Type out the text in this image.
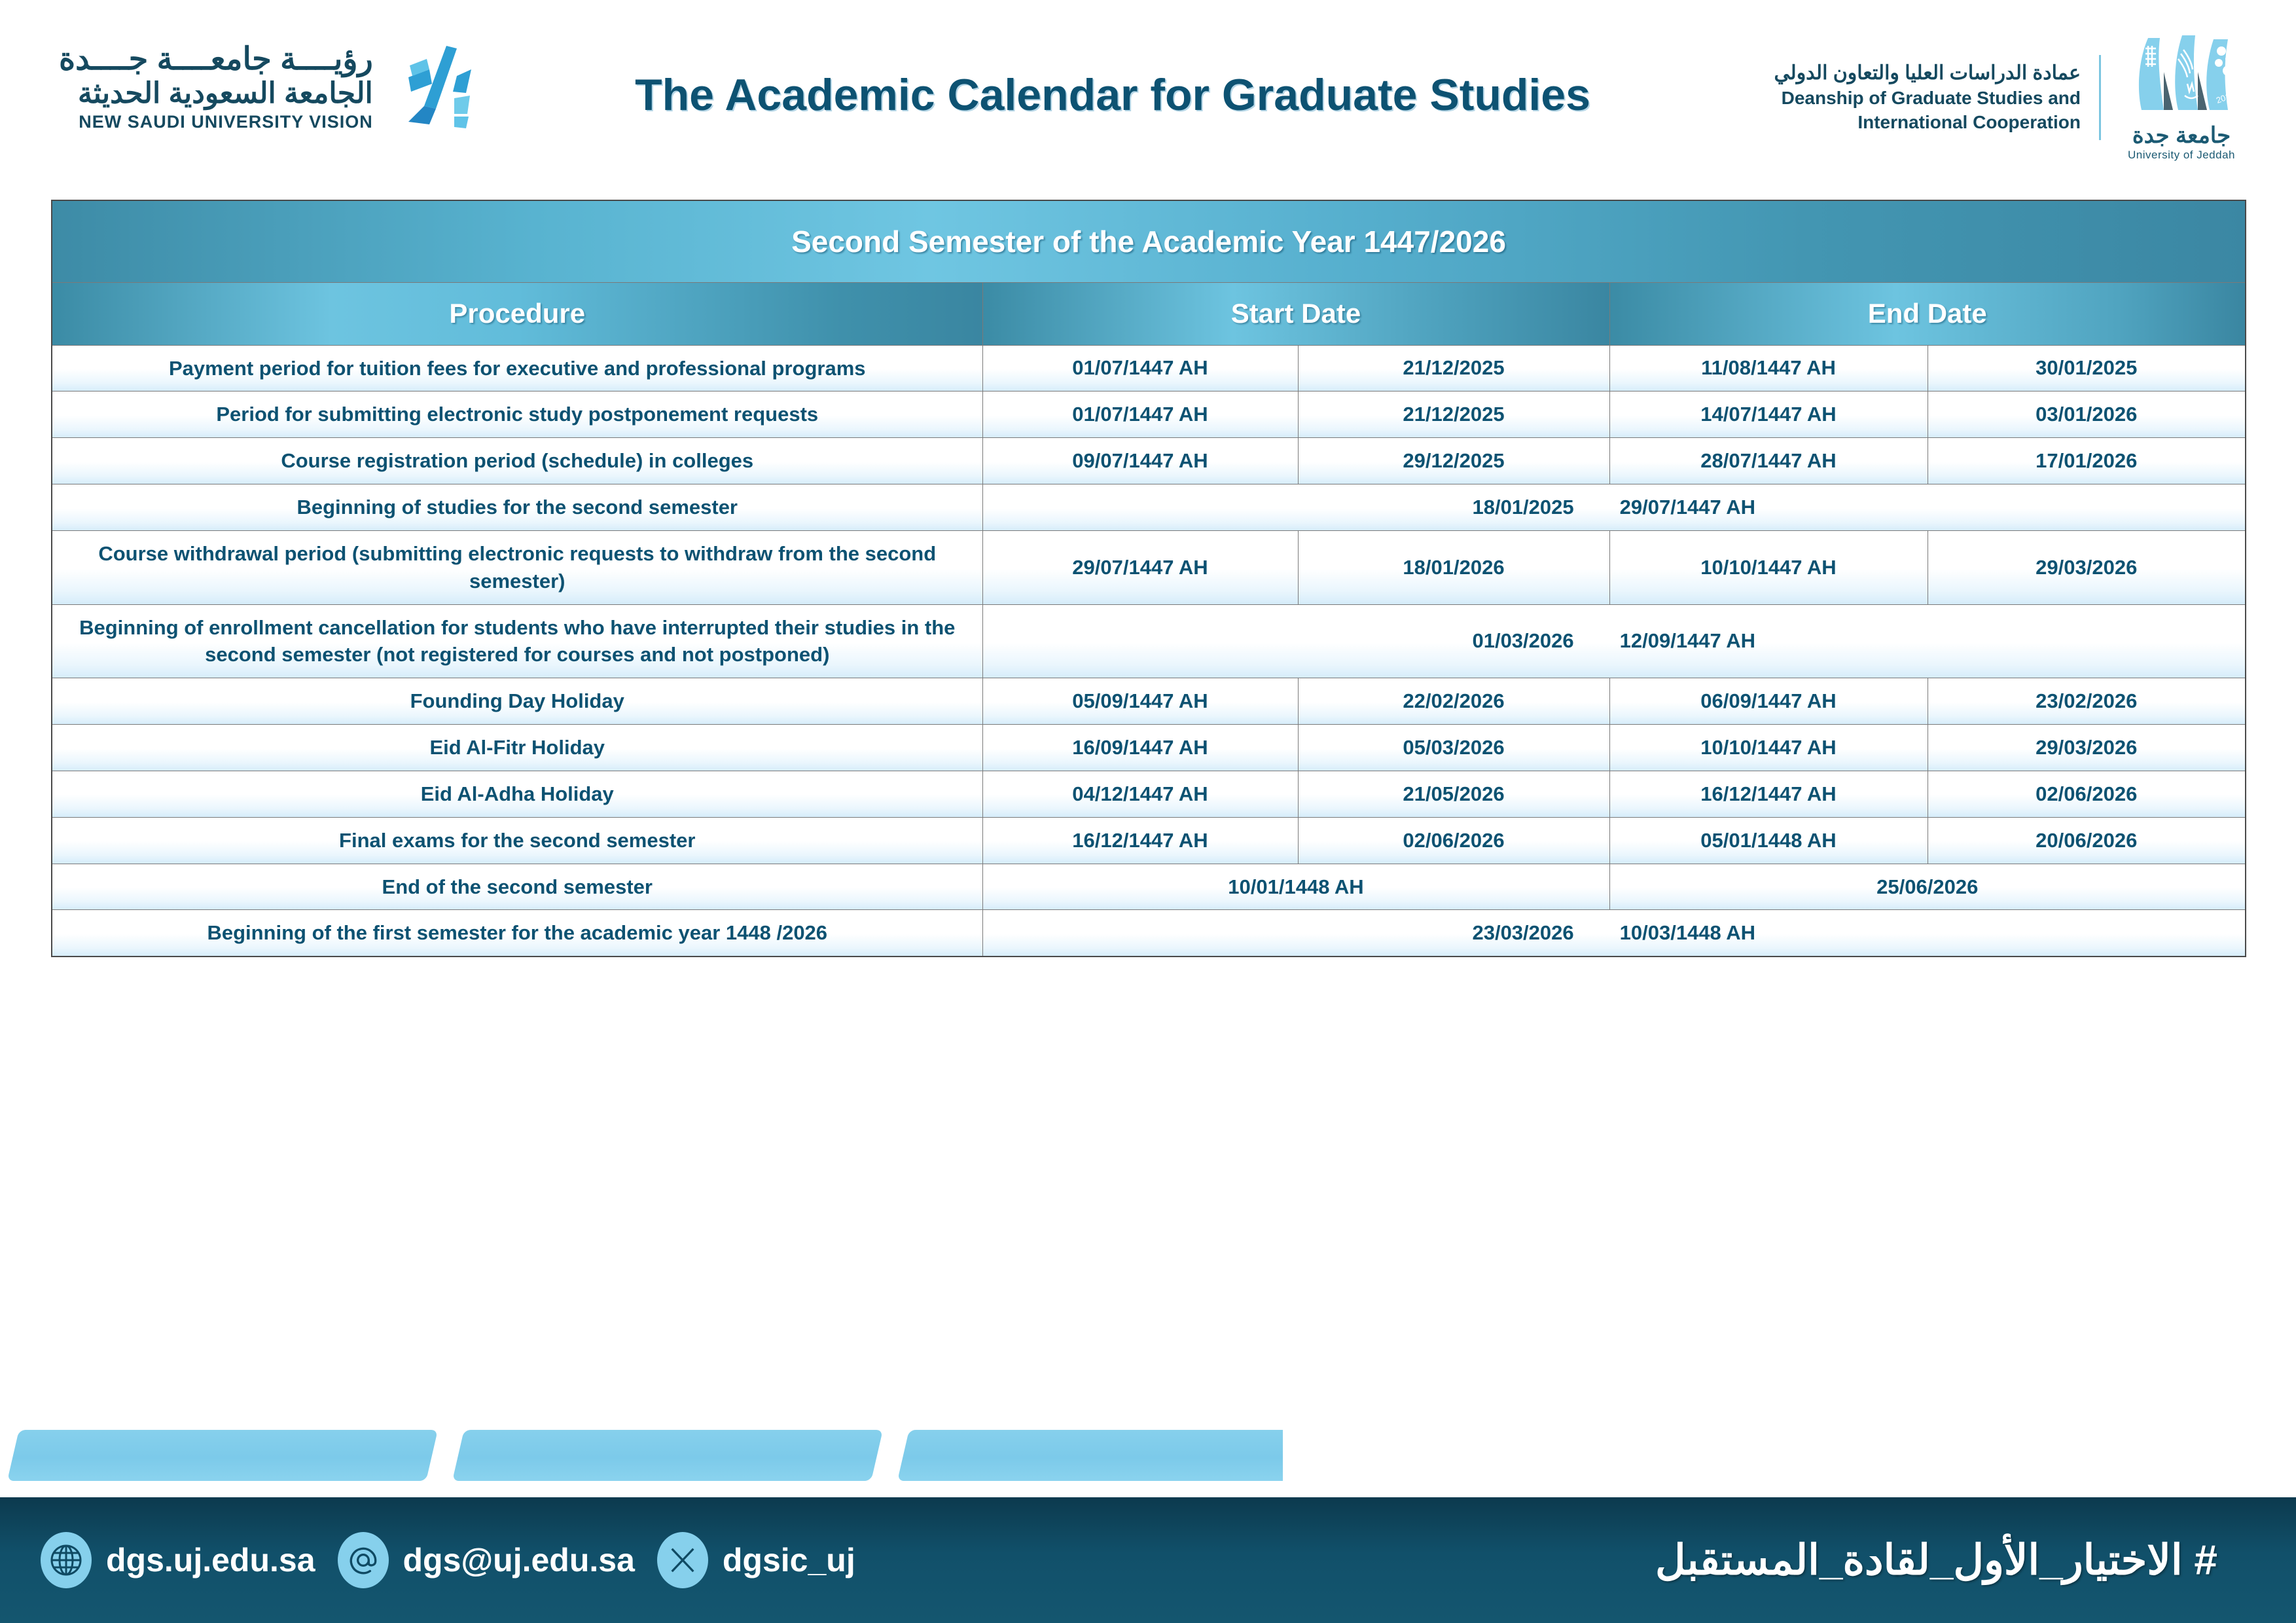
رؤيــــة جامعــــة جــــدة
الجامعة السعودية الحديثة
NEW SAUDI UNIVERSITY VISION
The Academic Calendar for Graduate Studies	عمادة الدراسات العليا والتعاون الدولي
Deanship of Graduate Studies and
International Cooperation
2014
جامعة جدة
University of Jeddah
Second Semester of the Academic Year 1447/2026				
Procedure	Start Date		End Date	
Payment period for tuition fees for executive and professional programs	01/07/1447 AH	21/12/2025	11/08/1447 AH	30/01/2025
Period for submitting electronic study postponement requests	01/07/1447 AH	21/12/2025	14/07/1447 AH	03/01/2026
Course registration period (schedule) in colleges	09/07/1447 AH	29/12/2025	28/07/1447 AH	17/01/2026
Beginning of studies for the second semester	18/01/2025 29/07/1447 AH			

Course withdrawal period (submitting electronic requests to withdraw from the second semester)	29/07/1447 AH	18/01/2026	10/10/1447 AH	29/03/2026
Beginning of enrollment cancellation for students who have interrupted their studies in the second semester (not registered for courses and not postponed)	01/03/2026 12/09/1447 AH			

Founding Day Holiday	05/09/1447 AH	22/02/2026	06/09/1447 AH	23/02/2026
Eid Al-Fitr Holiday	16/09/1447 AH	05/03/2026	10/10/1447 AH	29/03/2026
Eid Al-Adha Holiday	04/12/1447 AH	21/05/2026	16/12/1447 AH	02/06/2026
Final exams for the second semester	16/12/1447 AH	02/06/2026	05/01/1448 AH	20/06/2026
End of the second semester	10/01/1448 AH		25/06/2026	
Beginning of the first semester for the academic year 1448 /2026	23/03/2026 10/03/1448 AH			
dgs.uj.edu.sa	dgs@uj.edu.sa	dgsic_uj	# الاختيار_الأول_لقادة_المستقبل
